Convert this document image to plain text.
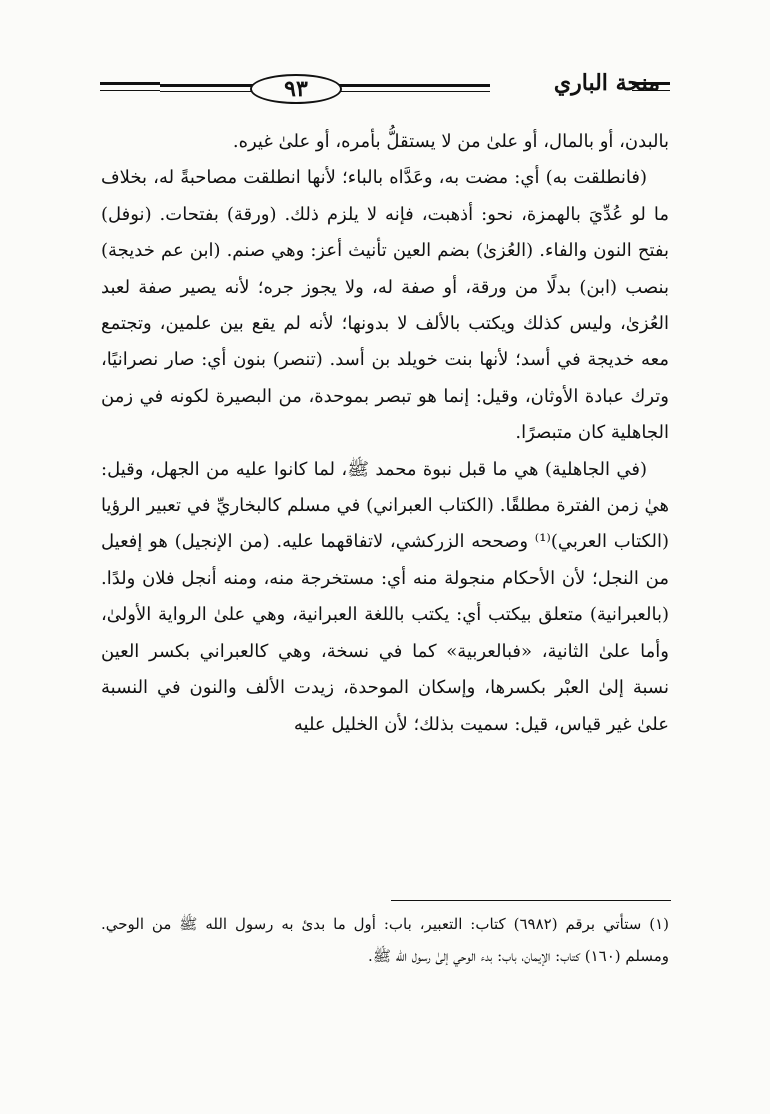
٩٣	منحة الباري

بالبدن، أو بالمال، أو علىٰ من لا يستقلُّ بأمره، أو علىٰ غيره.

(فانطلقت به) أي: مضت به، وعَدَّاه بالباء؛ لأنها انطلقت مصاحبةً له، بخلاف ما لو عُدِّيَ بالهمزة، نحو: أذهبت، فإنه لا يلزم ذلك. (ورقة) بفتحات. (نوفل) بفتح النون والفاء. (العُزىٰ) بضم العين تأنيث أعز: وهي صنم. (ابن عم خديجة) بنصب (ابن) بدلًا من ورقة، أو صفة له، ولا يجوز جره؛ لأنه يصير صفة لعبد العُزىٰ، وليس كذلك ويكتب بالألف لا بدونها؛ لأنه لم يقع بين علمين، وتجتمع معه خديجة في أسد؛ لأنها بنت خويلد بن أسد. (تنصر) بنون أي: صار نصرانيًا، وترك عبادة الأوثان، وقيل: إنما هو تبصر بموحدة، من البصيرة لكونه في زمن الجاهلية كان متبصرًا.

(في الجاهلية) هي ما قبل نبوة محمد ﷺ، لما كانوا عليه من الجهل، وقيل: هيٰ زمن الفترة مطلقًا. (الكتاب العبراني) في مسلم كالبخاريِّ في تعبير الرؤيا (الكتاب العربي)⁽¹⁾ وصححه الزركشي، لاتفاقهما عليه. (من الإنجيل) هو إفعيل من النجل؛ لأن الأحكام منجولة منه أي: مستخرجة منه، ومنه أنجل فلان ولدًا. (بالعبرانية) متعلق بيكتب أي: يكتب باللغة العبرانية، وهي علىٰ الرواية الأولىٰ، وأما علىٰ الثانية، «فبالعربية» كما في نسخة، وهي كالعبراني بكسر العين نسبة إلىٰ العبْر بكسرها، وإسكان الموحدة، زيدت الألف والنون في النسبة علىٰ غير قياس، قيل: سميت بذلك؛ لأن الخليل عليه

(١) ستأتي برقم (٦٩٨٢) كتاب: التعبير، باب: أول ما بدئ به رسول الله ﷺ من الوحي. ومسلم (١٦٠) كتاب: الإيمان، باب: بدء الوحي إلىٰ رسول الله ﷺ.
